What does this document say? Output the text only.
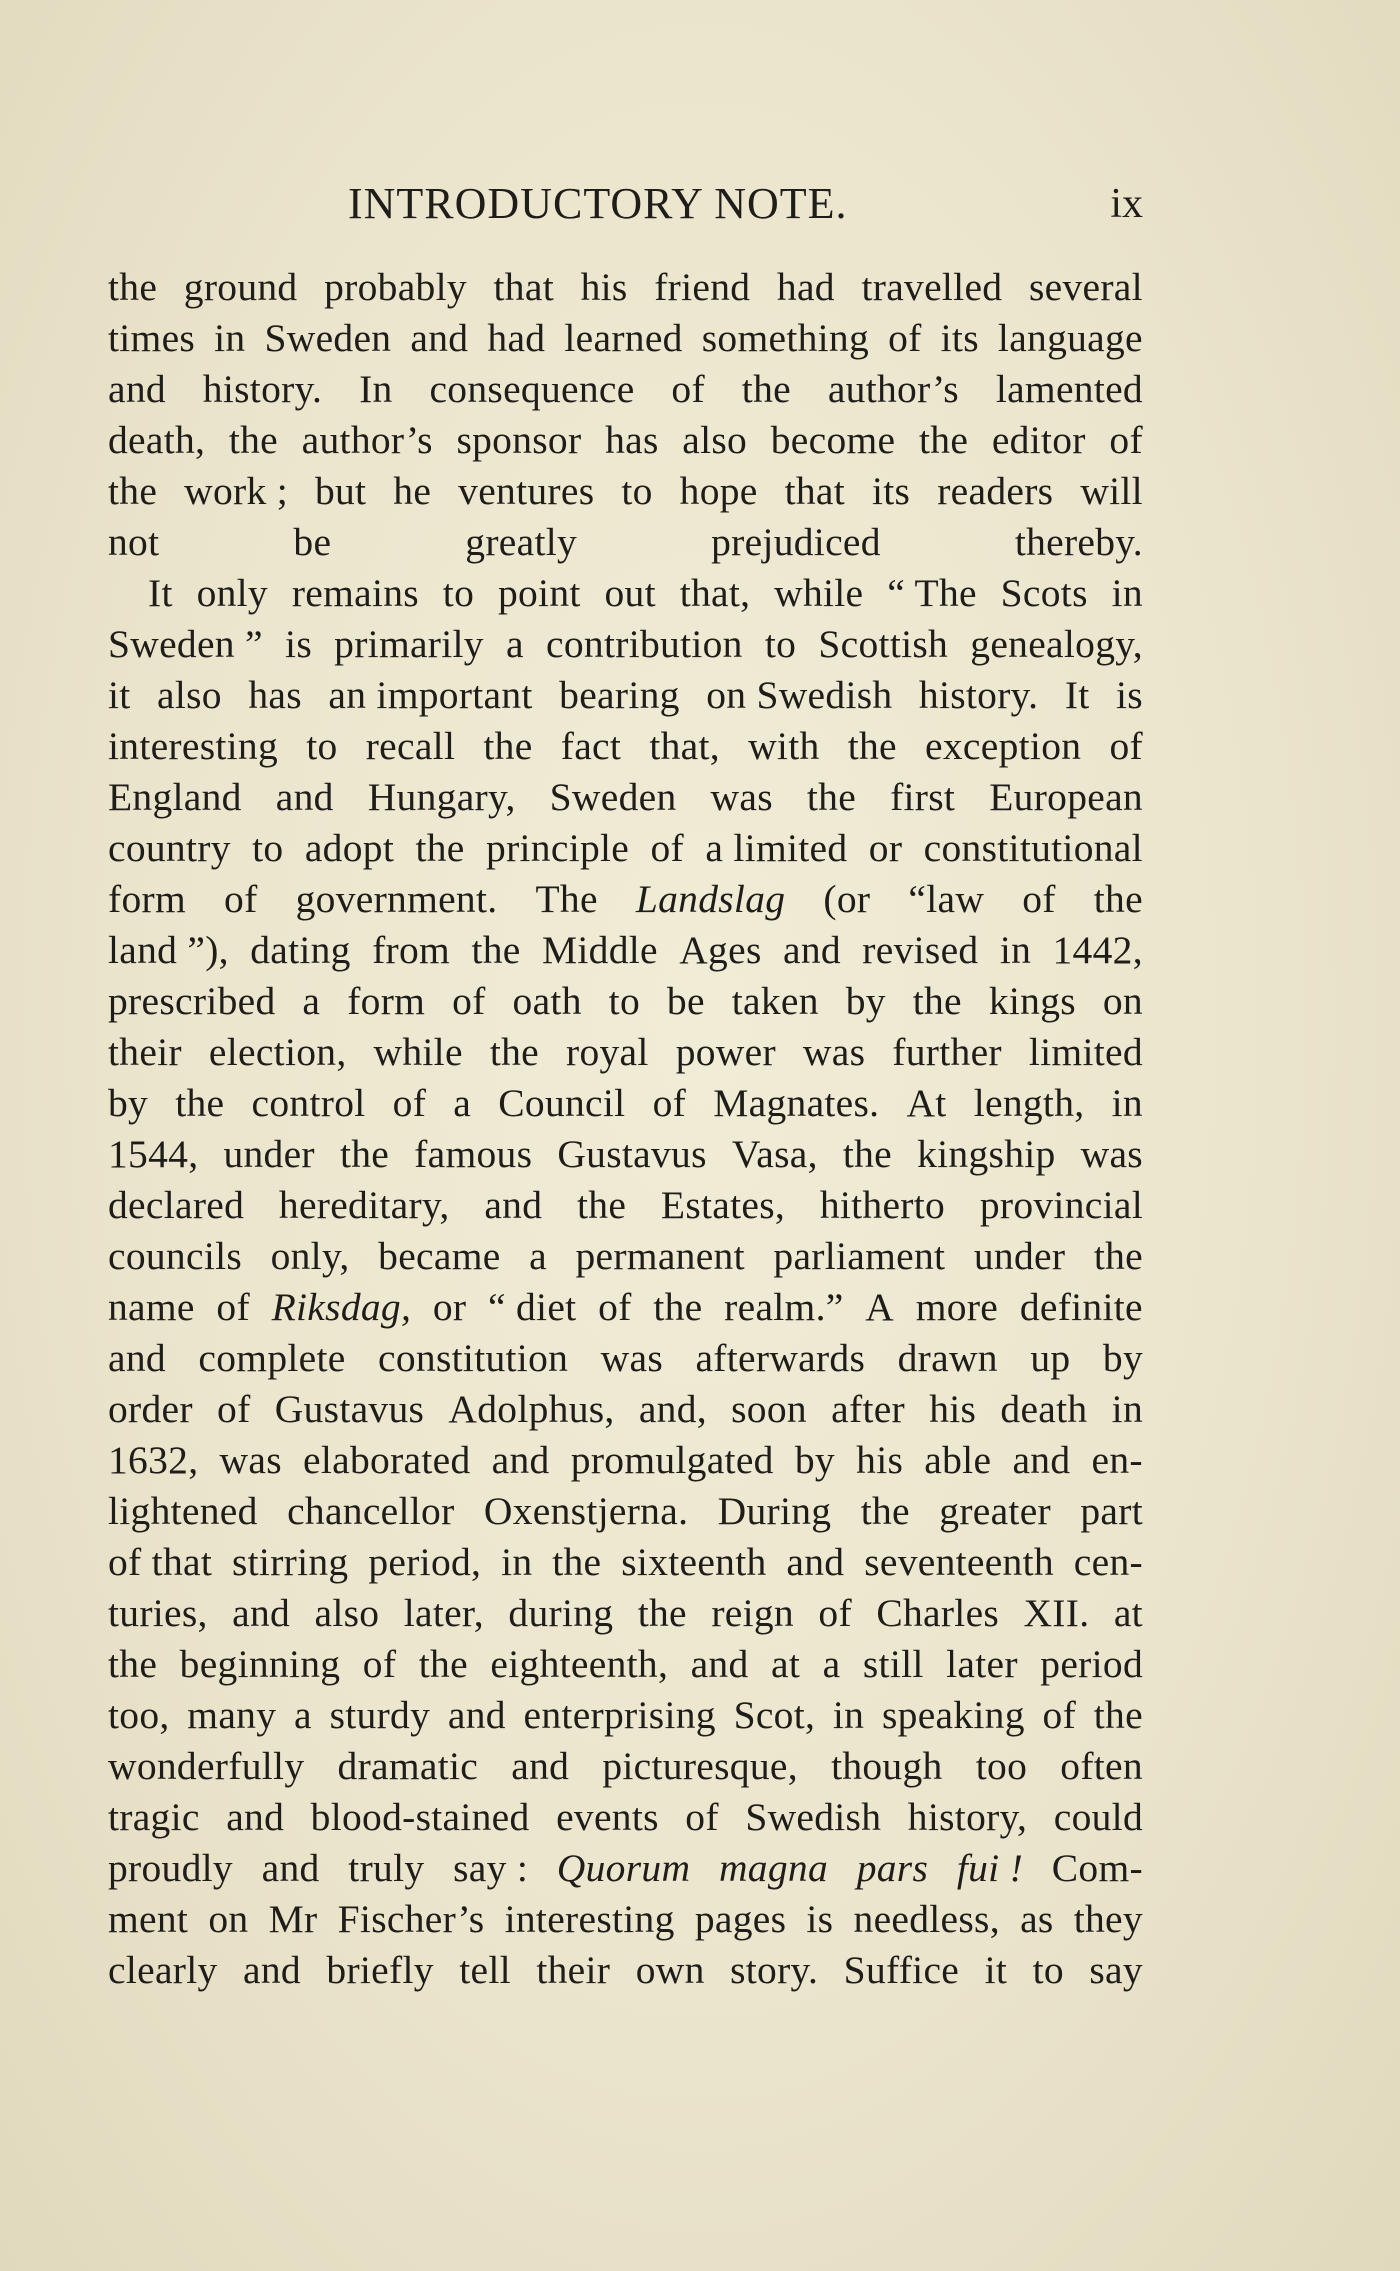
INTRODUCTORY NOTE.	ix
the ground probably that his friend had travelled several
times in Sweden and had learned something of its language
and history. In consequence of the author’s lamented
death, the author’s sponsor has also become the editor of
the work ; but he ventures to hope that its readers will
not	be	greatly	prejudiced	thereby.
It only remains to point out that, while “ The Scots in
Sweden ” is primarily a contribution to Scottish genealogy,
it also has an important bearing on Swedish history. It is
interesting to recall the fact that, with the exception of
England and Hungary, Sweden was the first European
country to adopt the principle of a limited or constitutional
form of government. The Landslag (or “law of the
land ”), dating from the Middle Ages and revised in 1442,
prescribed a form of oath to be taken by the kings on
their election, while the royal power was further limited
by the control of a Council of Magnates. At length, in
1544, under the famous Gustavus Vasa, the kingship was
declared hereditary, and the Estates, hitherto provincial
councils only, became a permanent parliament under the
name of Riksdag, or “ diet of the realm.” A more definite
and complete constitution was afterwards drawn up by
order of Gustavus Adolphus, and, soon after his death in
1632, was elaborated and promulgated by his able and en-
lightened chancellor Oxenstjerna. During the greater part
of that stirring period, in the sixteenth and seventeenth cen-
turies, and also later, during the reign of Charles XII. at
the beginning of the eighteenth, and at a still later period
too, many a sturdy and enterprising Scot, in speaking of the
wonderfully dramatic and picturesque, though too often
tragic and blood-stained events of Swedish history, could
proudly and truly say : Quorum magna pars fui ! Com-
ment on Mr Fischer’s interesting pages is needless, as they
clearly and briefly tell their own story. Suffice it to say
